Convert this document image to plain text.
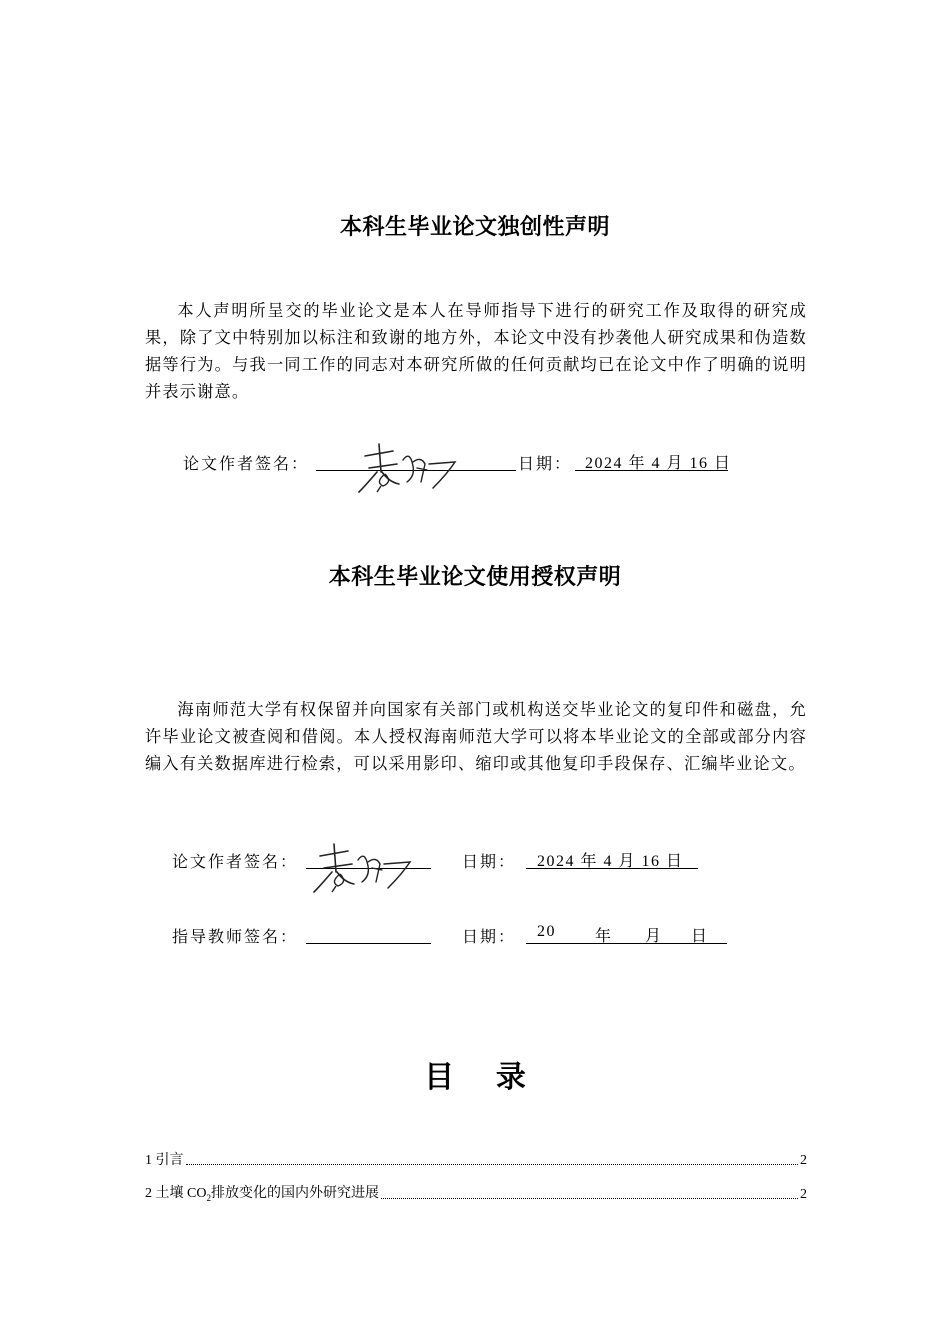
本科生毕业论文独创性声明
本人声明所呈交的毕业论文是本人在导师指导下进行的研究工作及取得的研究成果，除了文中特别加以标注和致谢的地方外，本论文中没有抄袭他人研究成果和伪造数据等行为。与我一同工作的同志对本研究所做的任何贡献均已在论文中作了明确的说明并表示谢意。
论文作者签名：	日期： 2024 年 4 月 16 日
本科生毕业论文使用授权声明
海南师范大学有权保留并向国家有关部门或机构送交毕业论文的复印件和磁盘，允许毕业论文被查阅和借阅。本人授权海南师范大学可以将本毕业论文的全部或部分内容编入有关数据库进行检索，可以采用影印、缩印或其他复印手段保存、汇编毕业论文。
论文作者签名：	日期： 2024 年 4 月 16 日
指导教师签名：	日期： 20 年 月 日
目    录
1 引言	2
2 土壤 $CO_2$排放变化的国内外研究进展	2
